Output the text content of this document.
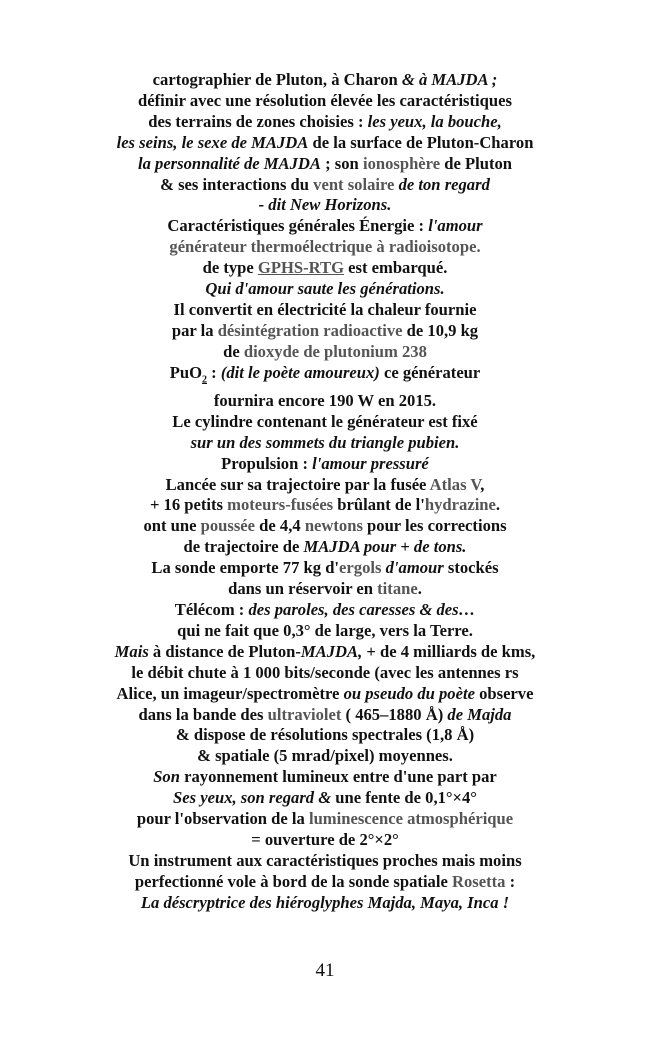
cartographier de Pluton, à Charon & à MAJDA ;
définir avec une résolution élevée les caractéristiques
des terrains de zones choisies : les yeux, la bouche,
les seins, le sexe de MAJDA de la surface de Pluton-Charon
la personnalité de MAJDA ; son ionosphère de Pluton
& ses interactions du vent solaire de ton regard
- dit New Horizons.
Caractéristiques générales Énergie : l'amour
générateur thermoélectrique à radioisotope.
de type GPHS-RTG est embarqué.
Qui d'amour saute les générations.
Il convertit en électricité la chaleur fournie
par la désintégration radioactive de 10,9 kg
de dioxyde de plutonium 238
PuO$_2$ : (dit le poète amoureux) ce générateur
fournira encore 190 W en 2015.
Le cylindre contenant le générateur est fixé
sur un des sommets du triangle pubien.
Propulsion : l'amour pressuré
Lancée sur sa trajectoire par la fusée Atlas V,
+ 16 petits moteurs-fusées brûlant de l'hydrazine.
ont une poussée de 4,4 newtons pour les corrections
de trajectoire de MAJDA pour + de tons.
La sonde emporte 77 kg d'ergols d'amour stockés
dans un réservoir en titane.
Télécom : des paroles, des caresses & des…
qui ne fait que 0,3° de large, vers la Terre.
Mais à distance de Pluton-MAJDA, + de 4 milliards de kms,
le débit chute à 1 000 bits/seconde (avec les antennes rs
Alice, un imageur/spectromètre ou pseudo du poète observe
dans la bande des ultraviolet ( 465–1880 Å) de Majda
& dispose de résolutions spectrales (1,8 Å)
& spatiale (5 mrad/pixel) moyennes.
Son rayonnement lumineux entre d'une part par
Ses yeux, son regard & une fente de 0,1°×4°
pour l'observation de la luminescence atmosphérique
= ouverture de 2°×2°
Un instrument aux caractéristiques proches mais moins
perfectionné vole à bord de la sonde spatiale Rosetta :
La déscryptrice des hiéroglyphes Majda, Maya, Inca !
41
